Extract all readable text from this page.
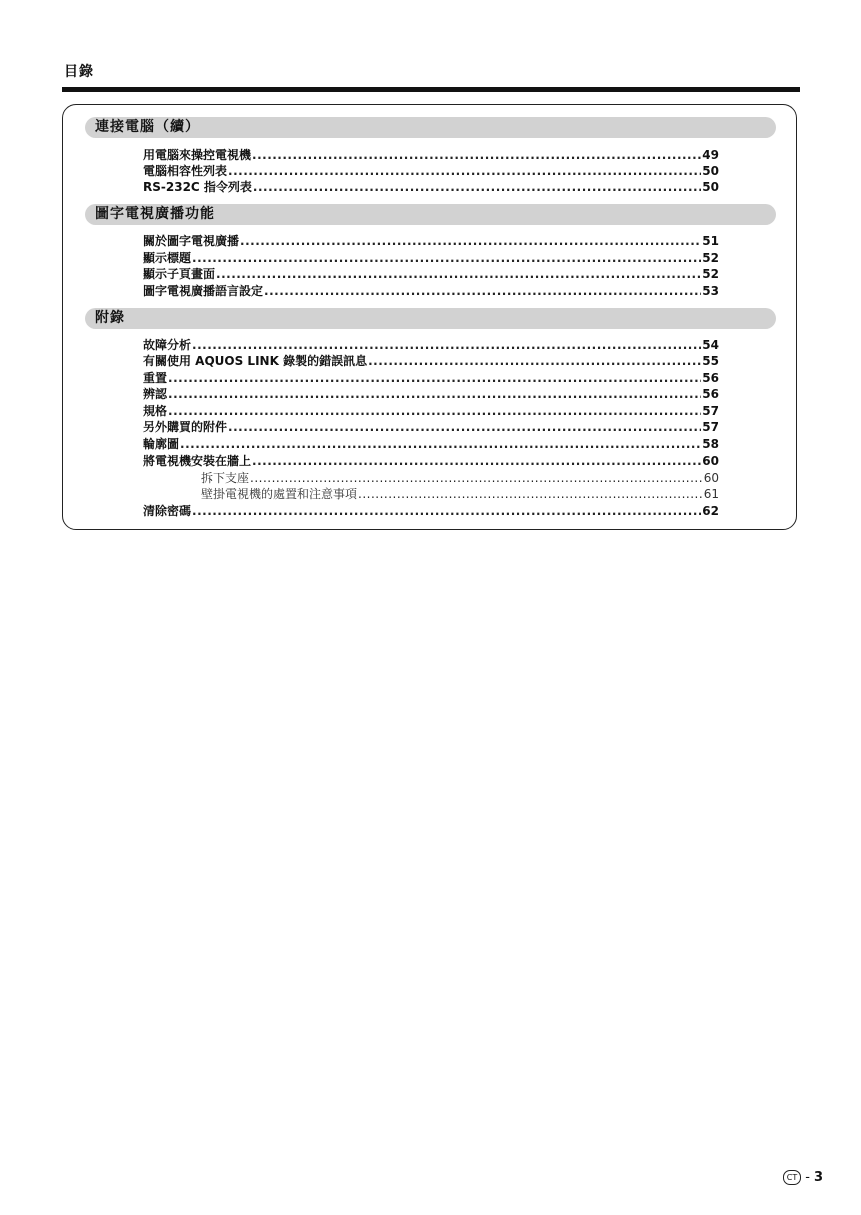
目錄
連接電腦（續）
用電腦來操控電視機 .....	49
電腦相容性列表 .....	50
RS-232C 指令列表 .....	50
圖字電視廣播功能
關於圖字電視廣播 .....	51
顯示標題 .....	52
顯示子頁畫面 .....	52
圖字電視廣播語言設定 .....	53
附錄
故障分析 .....	54
有關使用 AQUOS LINK 錄製的錯誤訊息 .....	55
重置 .....	56
辨認 .....	56
規格 .....	57
另外購買的附件 .....	57
輪廓圖 .....	58
將電視機安裝在牆上 .....	60
拆下支座 .....	60
壁掛電視機的處置和注意事項 .....	61
清除密碼 .....	62
CT - 3
